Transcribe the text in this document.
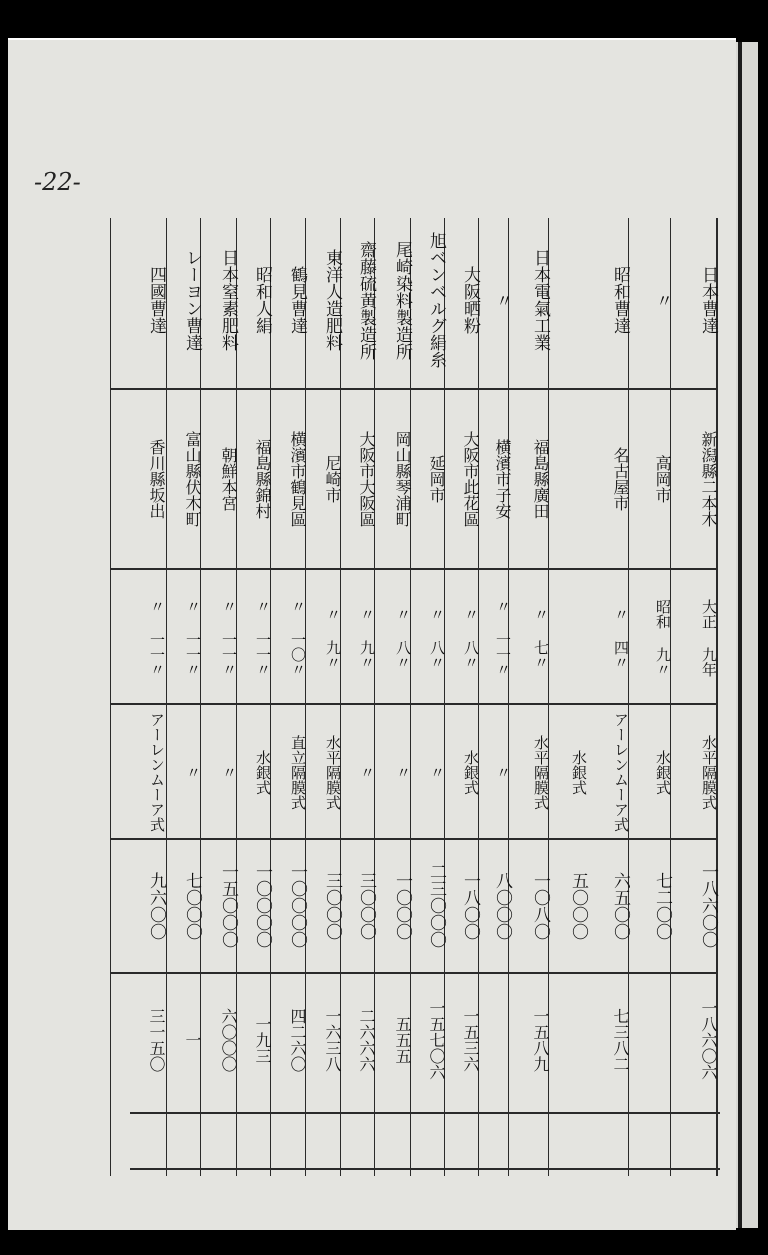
-22-
日本曹達
新潟縣二本木
大正 九年
水平隔膜式
一八六〇〇
一八六〇六
〃
高岡市
昭和 九〃
水銀式
七二〇〇
昭和曹達
名古屋市
〃 四〃
アーレンムーア式
六五〇〇
七三八二
水銀式
五〇〇〇
日本電氣工業
福島縣廣田
〃 七〃
水平隔膜式
一〇八〇
一五八九
〃
横濱市子安
〃 一一〃
〃
八〇〇〇
大阪晒粉
大阪市此花區
〃 八〃
水銀式
一八〇〇
一五三六
旭ベンベルグ絹糸
延岡市
〃 八〃
〃
二三〇〇〇
一五七〇六
尾崎染料製造所
岡山縣琴浦町
〃 八〃
〃
一〇〇〇
五五五
齋藤硫黄製造所
大阪市大阪區
〃 九〃
〃
三〇〇〇
二六六六
東洋人造肥料
尼崎市
〃 九〃
水平隔膜式
三〇〇〇
一六三八
鶴見曹達
横濱市鶴見區
〃 一〇〃
直立隔膜式
一〇〇〇〇
四二六〇
昭和人絹
福島縣錦村
〃 一一〃
水銀式
一〇〇〇〇
一九三
日本窒素肥料
朝鮮本宮
〃 一一〃
〃
一五〇〇〇
六〇〇〇
レーヨン曹達
富山縣伏木町
〃 一一〃
〃
七〇〇〇
一
四國曹達
香川縣坂出
〃 一一〃
アーレンムーア式
九六〇〇
三一五〇
